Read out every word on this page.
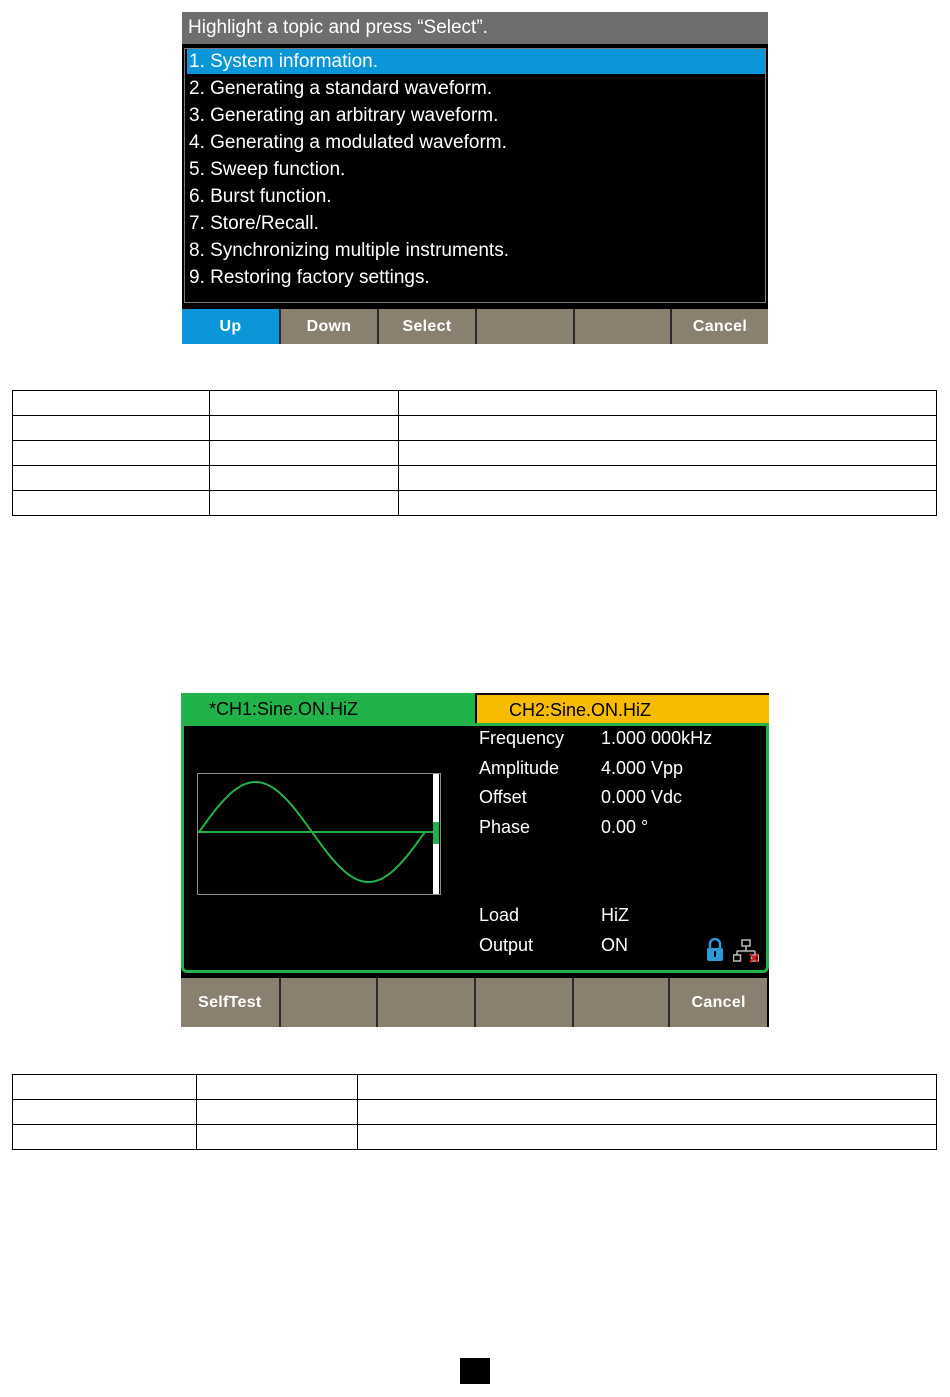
Highlight a topic and press “Select”.
1. System information.
2. Generating a standard waveform.
3. Generating an arbitrary waveform.
4. Generating a modulated waveform.
5. Sweep function.
6. Burst function.
7. Store/Recall.
8. Synchronizing multiple instruments.
9. Restoring factory settings.
Up	Down	Select	Cancel

*CH1:Sine.ON.HiZ	CH2:Sine.ON.HiZ
Frequency 1.000 000kHz
Amplitude 4.000 Vpp
Offset	0.000 Vdc
Phase	0.00 °
Load	HiZ
Output	ON
SelfTest	Cancel
